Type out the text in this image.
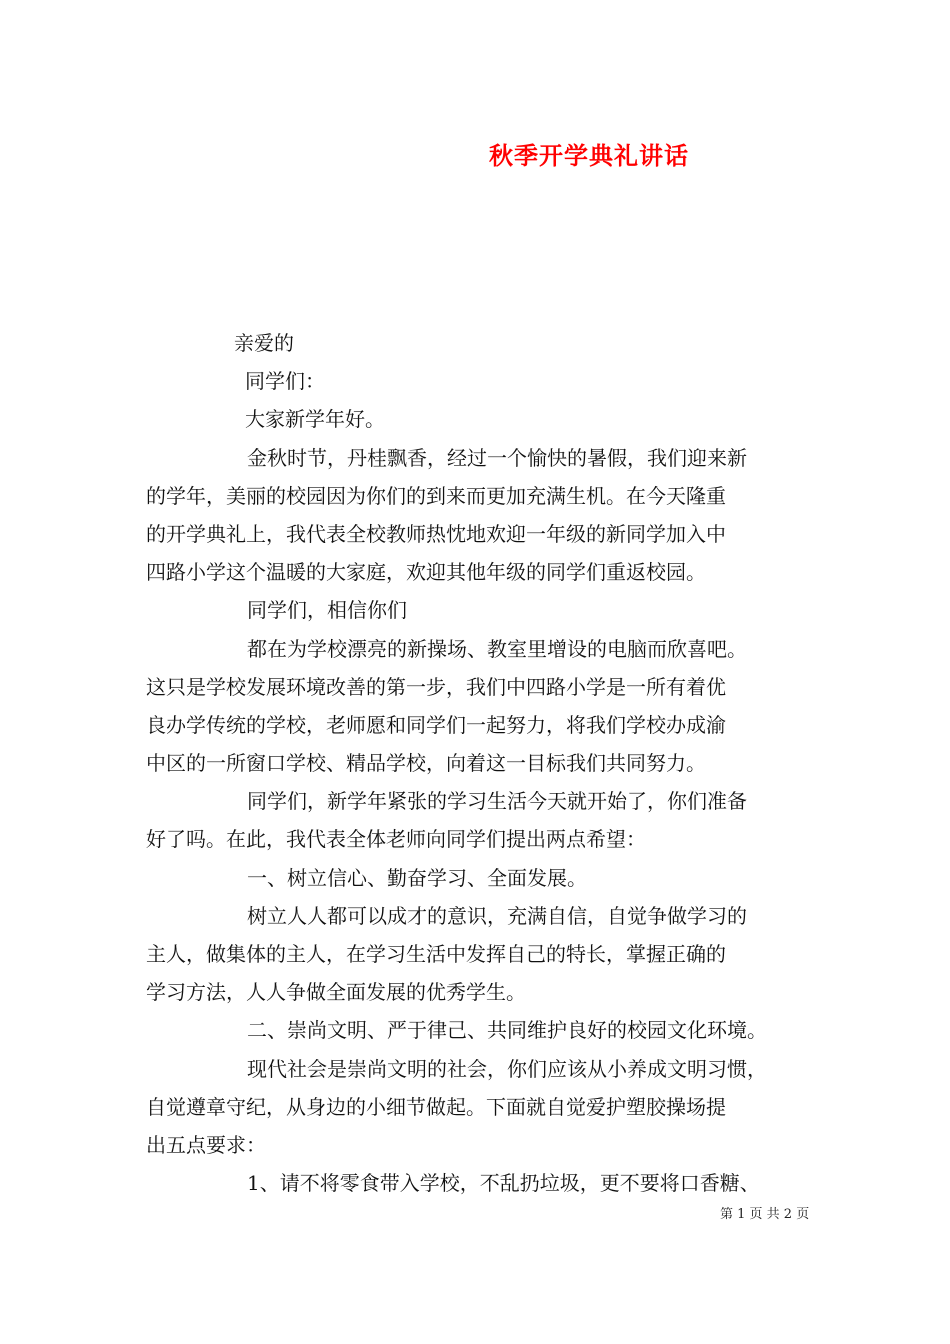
秋季开学典礼讲话
亲爱的
同学们：
大家新学年好。
金秋时节，丹桂飘香，经过一个愉快的暑假，我们迎来新
的学年，美丽的校园因为你们的到来而更加充满生机。在今天隆重
的开学典礼上，我代表全校教师热忱地欢迎一年级的新同学加入中
四路小学这个温暖的大家庭，欢迎其他年级的同学们重返校园。
同学们，相信你们
都在为学校漂亮的新操场、教室里增设的电脑而欣喜吧。
这只是学校发展环境改善的第一步，我们中四路小学是一所有着优
良办学传统的学校，老师愿和同学们一起努力，将我们学校办成渝
中区的一所窗口学校、精品学校，向着这一目标我们共同努力。
同学们，新学年紧张的学习生活今天就开始了，你们准备
好了吗。在此，我代表全体老师向同学们提出两点希望：
一、树立信心、勤奋学习、全面发展。
树立人人都可以成才的意识，充满自信，自觉争做学习的
主人，做集体的主人，在学习生活中发挥自己的特长，掌握正确的
学习方法，人人争做全面发展的优秀学生。
二、崇尚文明、严于律己、共同维护良好的校园文化环境。
现代社会是崇尚文明的社会，你们应该从小养成文明习惯，
自觉遵章守纪，从身边的小细节做起。下面就自觉爱护塑胶操场提
出五点要求：
1、请不将零食带入学校，不乱扔垃圾，更不要将口香糖、
第 1 页 共 2 页
